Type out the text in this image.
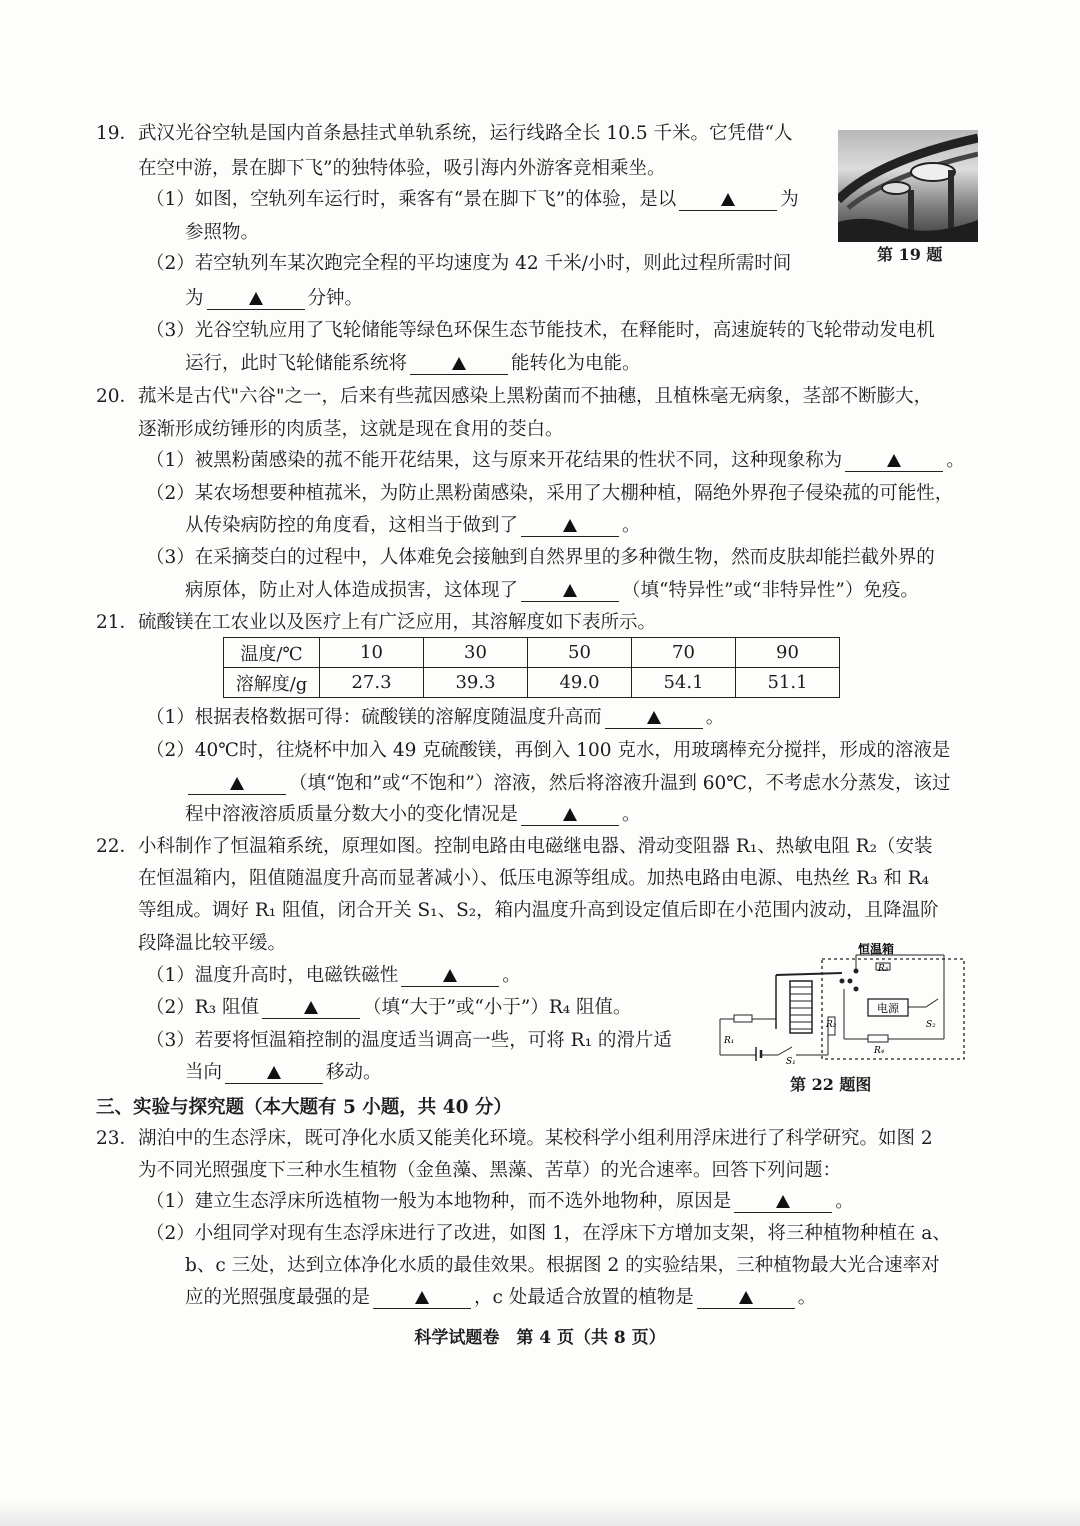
19．武汉光谷空轨是国内首条悬挂式单轨系统，运行线路全长 10.5 千米。它凭借“人
在空中游，景在脚下飞”的独特体验，吸引海内外游客竞相乘坐。
（1）如图，空轨列车运行时，乘客有“景在脚下飞”的体验，是以	为
参照物。
（2）若空轨列车某次跑完全程的平均速度为 42 千米/小时，则此过程所需时间
为	分钟。
（3）光谷空轨应用了飞轮储能等绿色环保生态节能技术，在释能时，高速旋转的飞轮带动发电机
运行，此时飞轮储能系统将	能转化为电能。
第 19 题
20．菰米是古代"六谷"之一，后来有些菰因感染上黑粉菌而不抽穗，且植株毫无病象，茎部不断膨大，
逐渐形成纺锤形的肉质茎，这就是现在食用的茭白。
（1）被黑粉菌感染的菰不能开花结果，这与原来开花结果的性状不同，这种现象称为	。
（2）某农场想要种植菰米，为防止黑粉菌感染，采用了大棚种植，隔绝外界孢子侵染菰的可能性，
从传染病防控的角度看，这相当于做到了	。
（3）在采摘茭白的过程中，人体难免会接触到自然界里的多种微生物，然而皮肤却能拦截外界的
病原体，防止对人体造成损害，这体现了	（填“特异性”或“非特异性”）免疫。
21．硫酸镁在工农业以及医疗上有广泛应用，其溶解度如下表所示。
温度/℃	10	30	50	70	90
溶解度/g	27.3	39.3	49.0	54.1	51.1
（1）根据表格数据可得：硫酸镁的溶解度随温度升高而	。
（2）40℃时，往烧杯中加入 49 克硫酸镁，再倒入 100 克水，用玻璃棒充分搅拌，形成的溶液是
（填“饱和”或“不饱和”）溶液，然后将溶液升温到 60℃，不考虑水分蒸发，该过
程中溶液溶质质量分数大小的变化情况是	。
22．小科制作了恒温箱系统，原理如图。控制电路由电磁继电器、滑动变阻器 R₁、热敏电阻 R₂（安装
在恒温箱内，阻值随温度升高而显著减小）、低压电源等组成。加热电路由电源、电热丝 R₃ 和 R₄
等组成。调好 R₁ 阻值，闭合开关 S₁、S₂，箱内温度升高到设定值后即在小范围内波动，且降温阶
段降温比较平缓。
（1）温度升高时，电磁铁磁性	。
（2）R₃ 阻值	（填“大于”或“小于”）R₄ 阻值。
（3）若要将恒温箱控制的温度适当调高一些，可将 R₁ 的滑片适
当向	移动。
恒温箱
R₃
电源
S₂
R₄
R₂
R₁
S₁
第 22 题图
三、实验与探究题（本大题有 5 小题，共 40 分）
23．湖泊中的生态浮床，既可净化水质又能美化环境。某校科学小组利用浮床进行了科学研究。如图 2
为不同光照强度下三种水生植物（金鱼藻、黑藻、苦草）的光合速率。回答下列问题：
（1）建立生态浮床所选植物一般为本地物种，而不选外地物种，原因是	。
（2）小组同学对现有生态浮床进行了改进，如图 1，在浮床下方增加支架，将三种植物种植在 a、
b、c 三处，达到立体净化水质的最佳效果。根据图 2 的实验结果，三种植物最大光合速率对
应的光照强度最强的是	，c 处最适合放置的植物是	。
科学试题卷　第 4 页（共 8 页）
